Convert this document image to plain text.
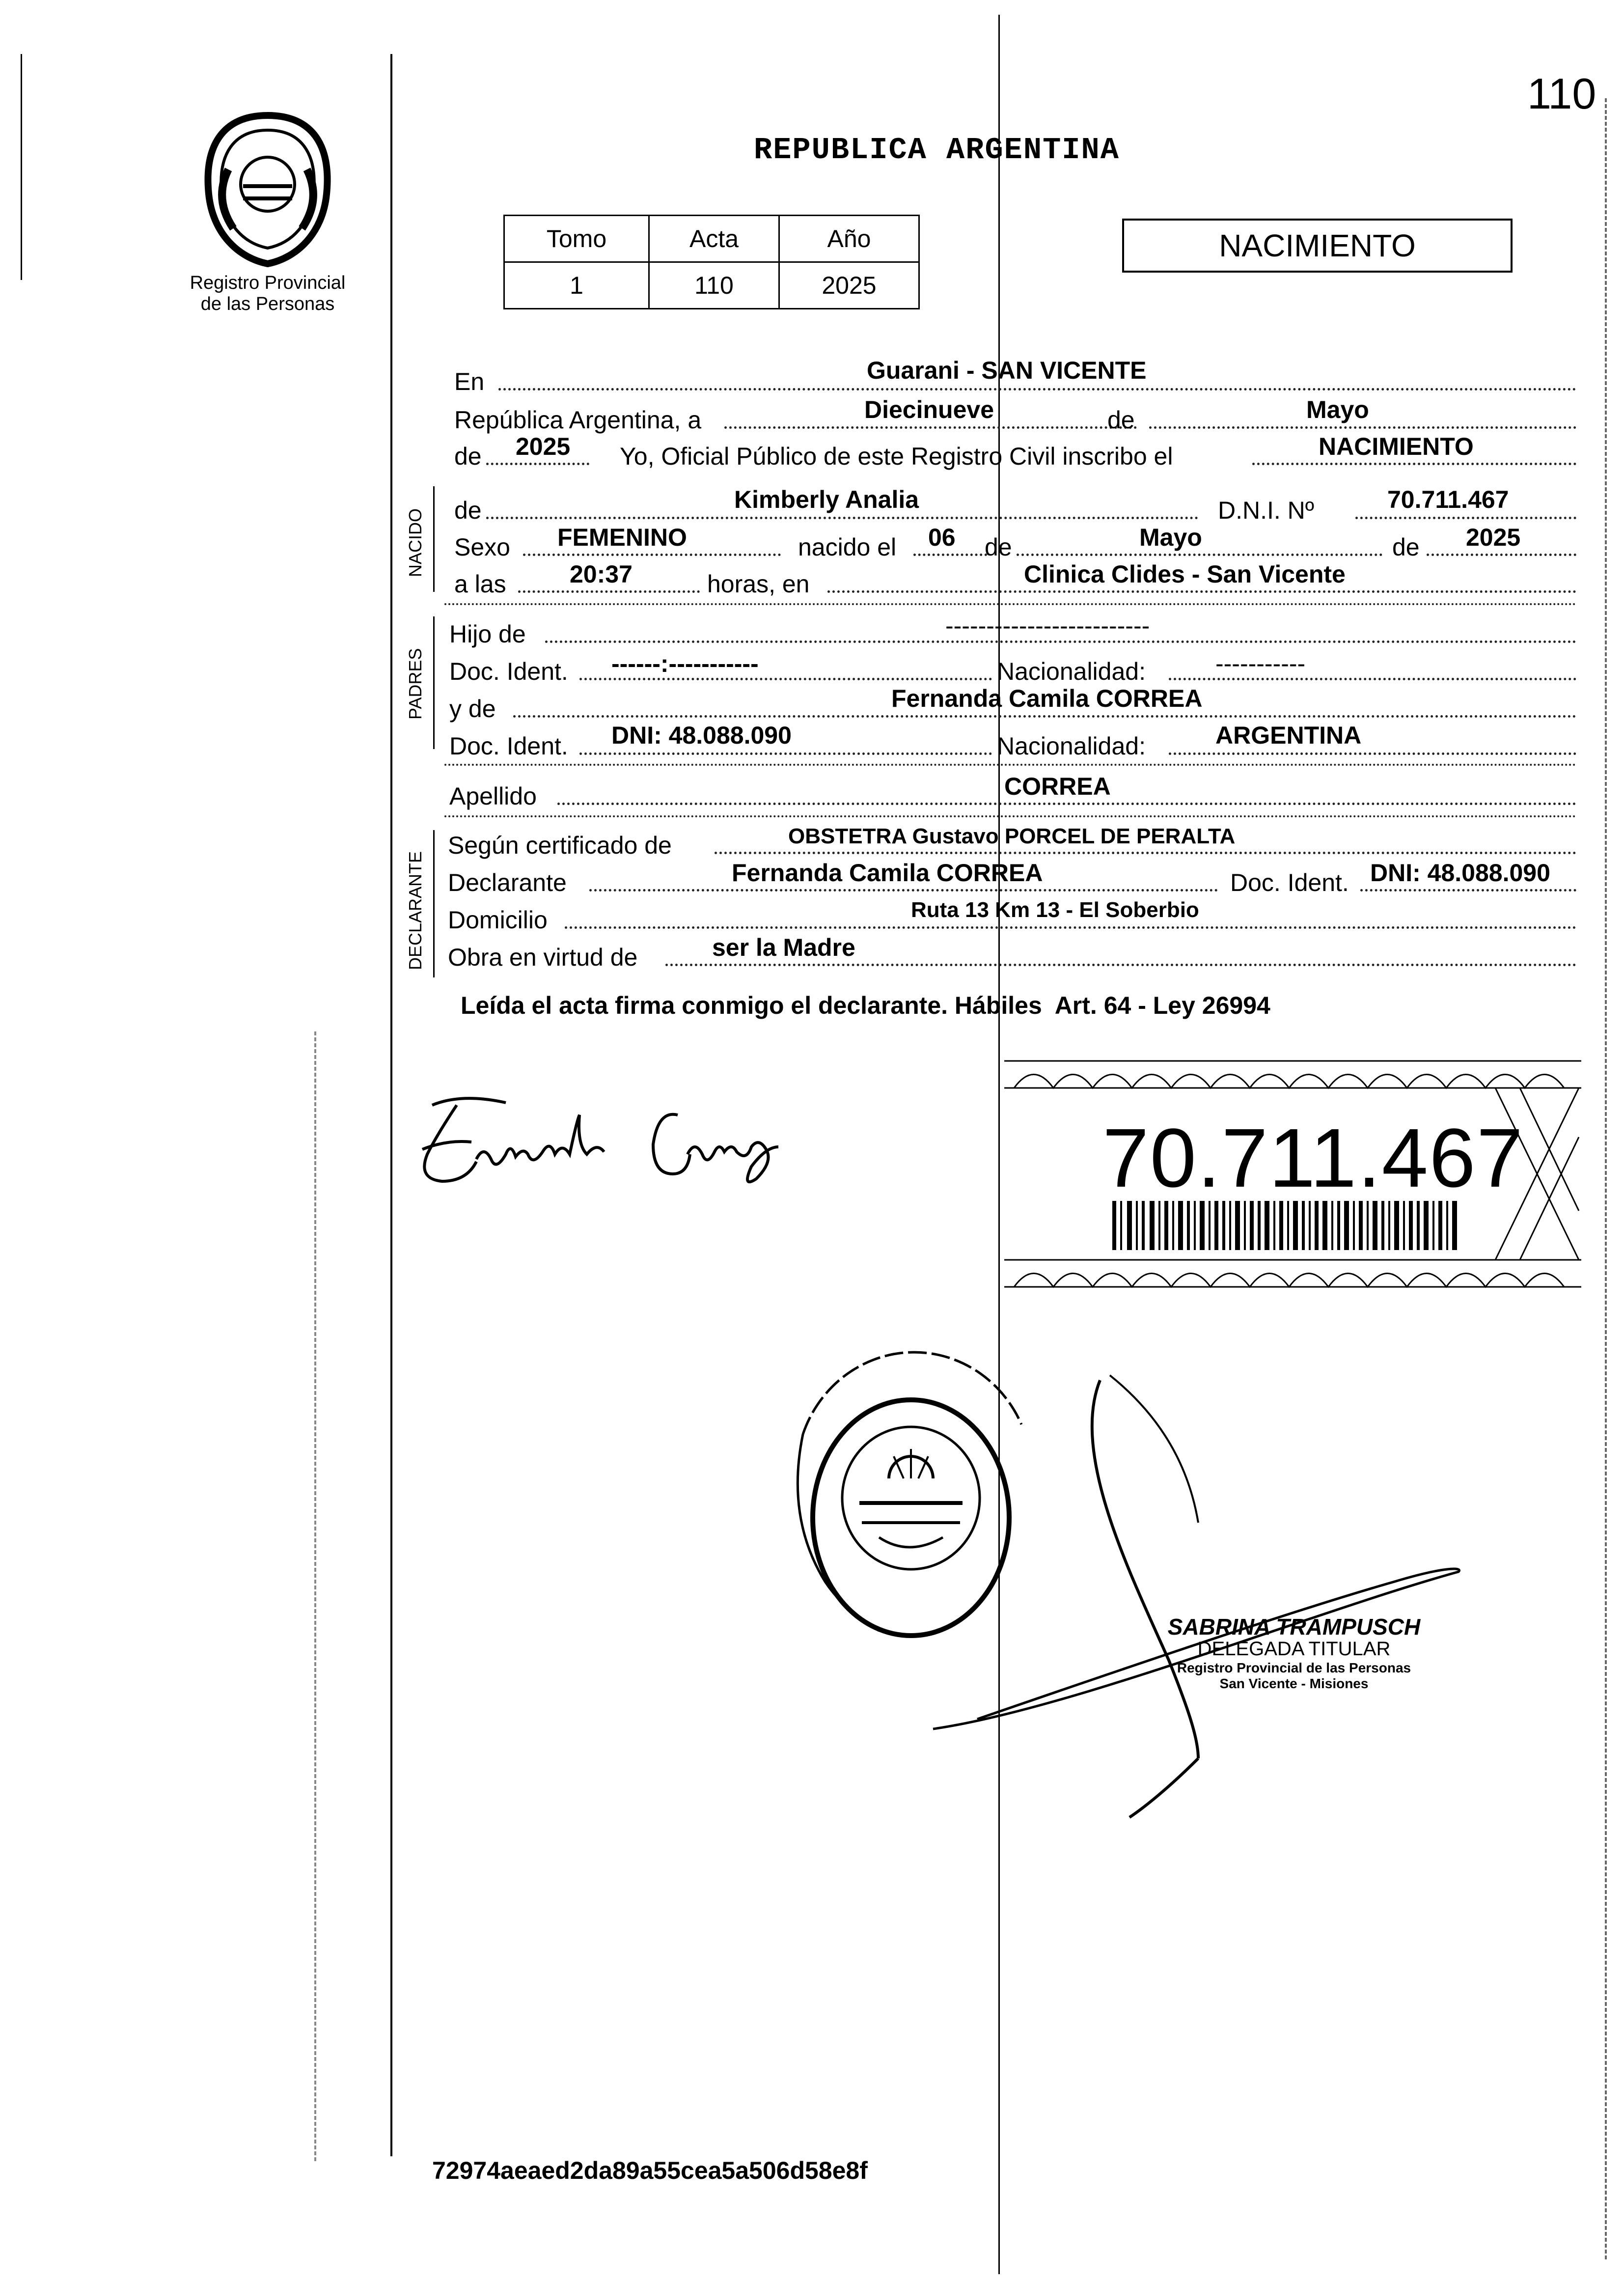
110
Registro Provincial
de las Personas
REPUBLICA ARGENTINA
Tomo	Acta	Año
1	110	2025
NACIMIENTO
En	Guarani - SAN VICENTE
República Argentina, a	Diecinueve	de	Mayo
de 2025 Yo, Oficial Público de este Registro Civil inscribo el	NACIMIENTO
NACIDO de	Kimberly Analia	D.N.I. Nº	70.711.467
Sexo FEMENINO	nacido el 06 de	Mayo	de 2025
a las	20:37	horas, en	Clinica Clides - San Vicente
PADRES
Hijo de	-------------------------
Doc. Ident. ------:-----------	Nacionalidad:	-----------
y de	Fernanda Camila CORREA
Doc. Ident. DNI: 48.088.090	Nacionalidad:	ARGENTINA
Apellido	CORREA
DECLARANTE
Según certificado de	OBSTETRA Gustavo PORCEL DE PERALTA
Declarante	Fernanda Camila CORREA	Doc. Ident. DNI: 48.088.090
Domicilio	Ruta 13 Km 13 - El Soberbio
Obra en virtud de	ser la Madre
Leída el acta firma conmigo el declarante. Hábiles  Art. 64 - Ley 26994
70.711.467
SABRINA TRAMPUSCH
DELEGADA TITULAR
Registro Provincial de las Personas
San Vicente - Misiones
72974aeaed2da89a55cea5a506d58e8f
